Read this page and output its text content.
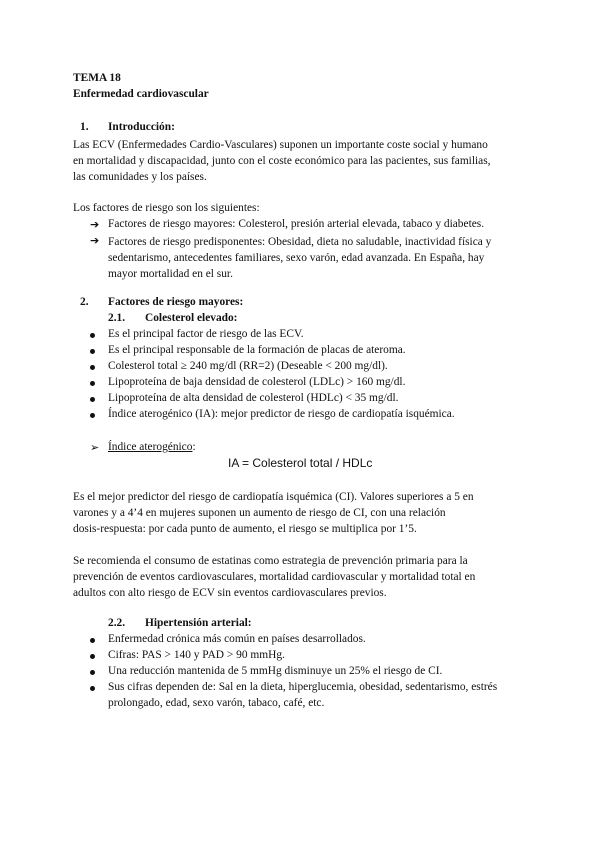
TEMA 18
Enfermedad cardiovascular
1. Introducción:
Las ECV (Enfermedades Cardio-Vasculares) suponen un importante coste social y humano
en mortalidad y discapacidad, junto con el coste económico para las pacientes, sus familias,
las comunidades y los países.
Los factores de riesgo son los siguientes:
➔ Factores de riesgo mayores: Colesterol, presión arterial elevada, tabaco y diabetes.
➔ Factores de riesgo predisponentes: Obesidad, dieta no saludable, inactividad física y
sedentarismo, antecedentes familiares, sexo varón, edad avanzada. En España, hay
mayor mortalidad en el sur.
2. Factores de riesgo mayores:
2.1. Colesterol elevado:
Es el principal factor de riesgo de las ECV.
Es el principal responsable de la formación de placas de ateroma.
Colesterol total ≥ 240 mg/dl (RR=2) (Deseable < 200 mg/dl).
Lipoproteína de baja densidad de colesterol (LDLc) > 160 mg/dl.
Lipoproteína de alta densidad de colesterol (HDLc) < 35 mg/dl.
Índice aterogénico (IA): mejor predictor de riesgo de cardiopatía isquémica.
➢ Índice aterogénico:
IA = Colesterol total / HDLc
Es el mejor predictor del riesgo de cardiopatía isquémica (CI). Valores superiores a 5 en
varones y a 4’4 en mujeres suponen un aumento de riesgo de CI, con una relación
dosis-respuesta: por cada punto de aumento, el riesgo se multiplica por 1’5.
Se recomienda el consumo de estatinas como estrategia de prevención primaria para la
prevención de eventos cardiovasculares, mortalidad cardiovascular y mortalidad total en
adultos con alto riesgo de ECV sin eventos cardiovasculares previos.
2.2. Hipertensión arterial:
Enfermedad crónica más común en países desarrollados.
Cifras: PAS > 140 y PAD > 90 mmHg.
Una reducción mantenida de 5 mmHg disminuye un 25% el riesgo de CI.
Sus cifras dependen de: Sal en la dieta, hiperglucemia, obesidad, sedentarismo, estrés
prolongado, edad, sexo varón, tabaco, café, etc.
